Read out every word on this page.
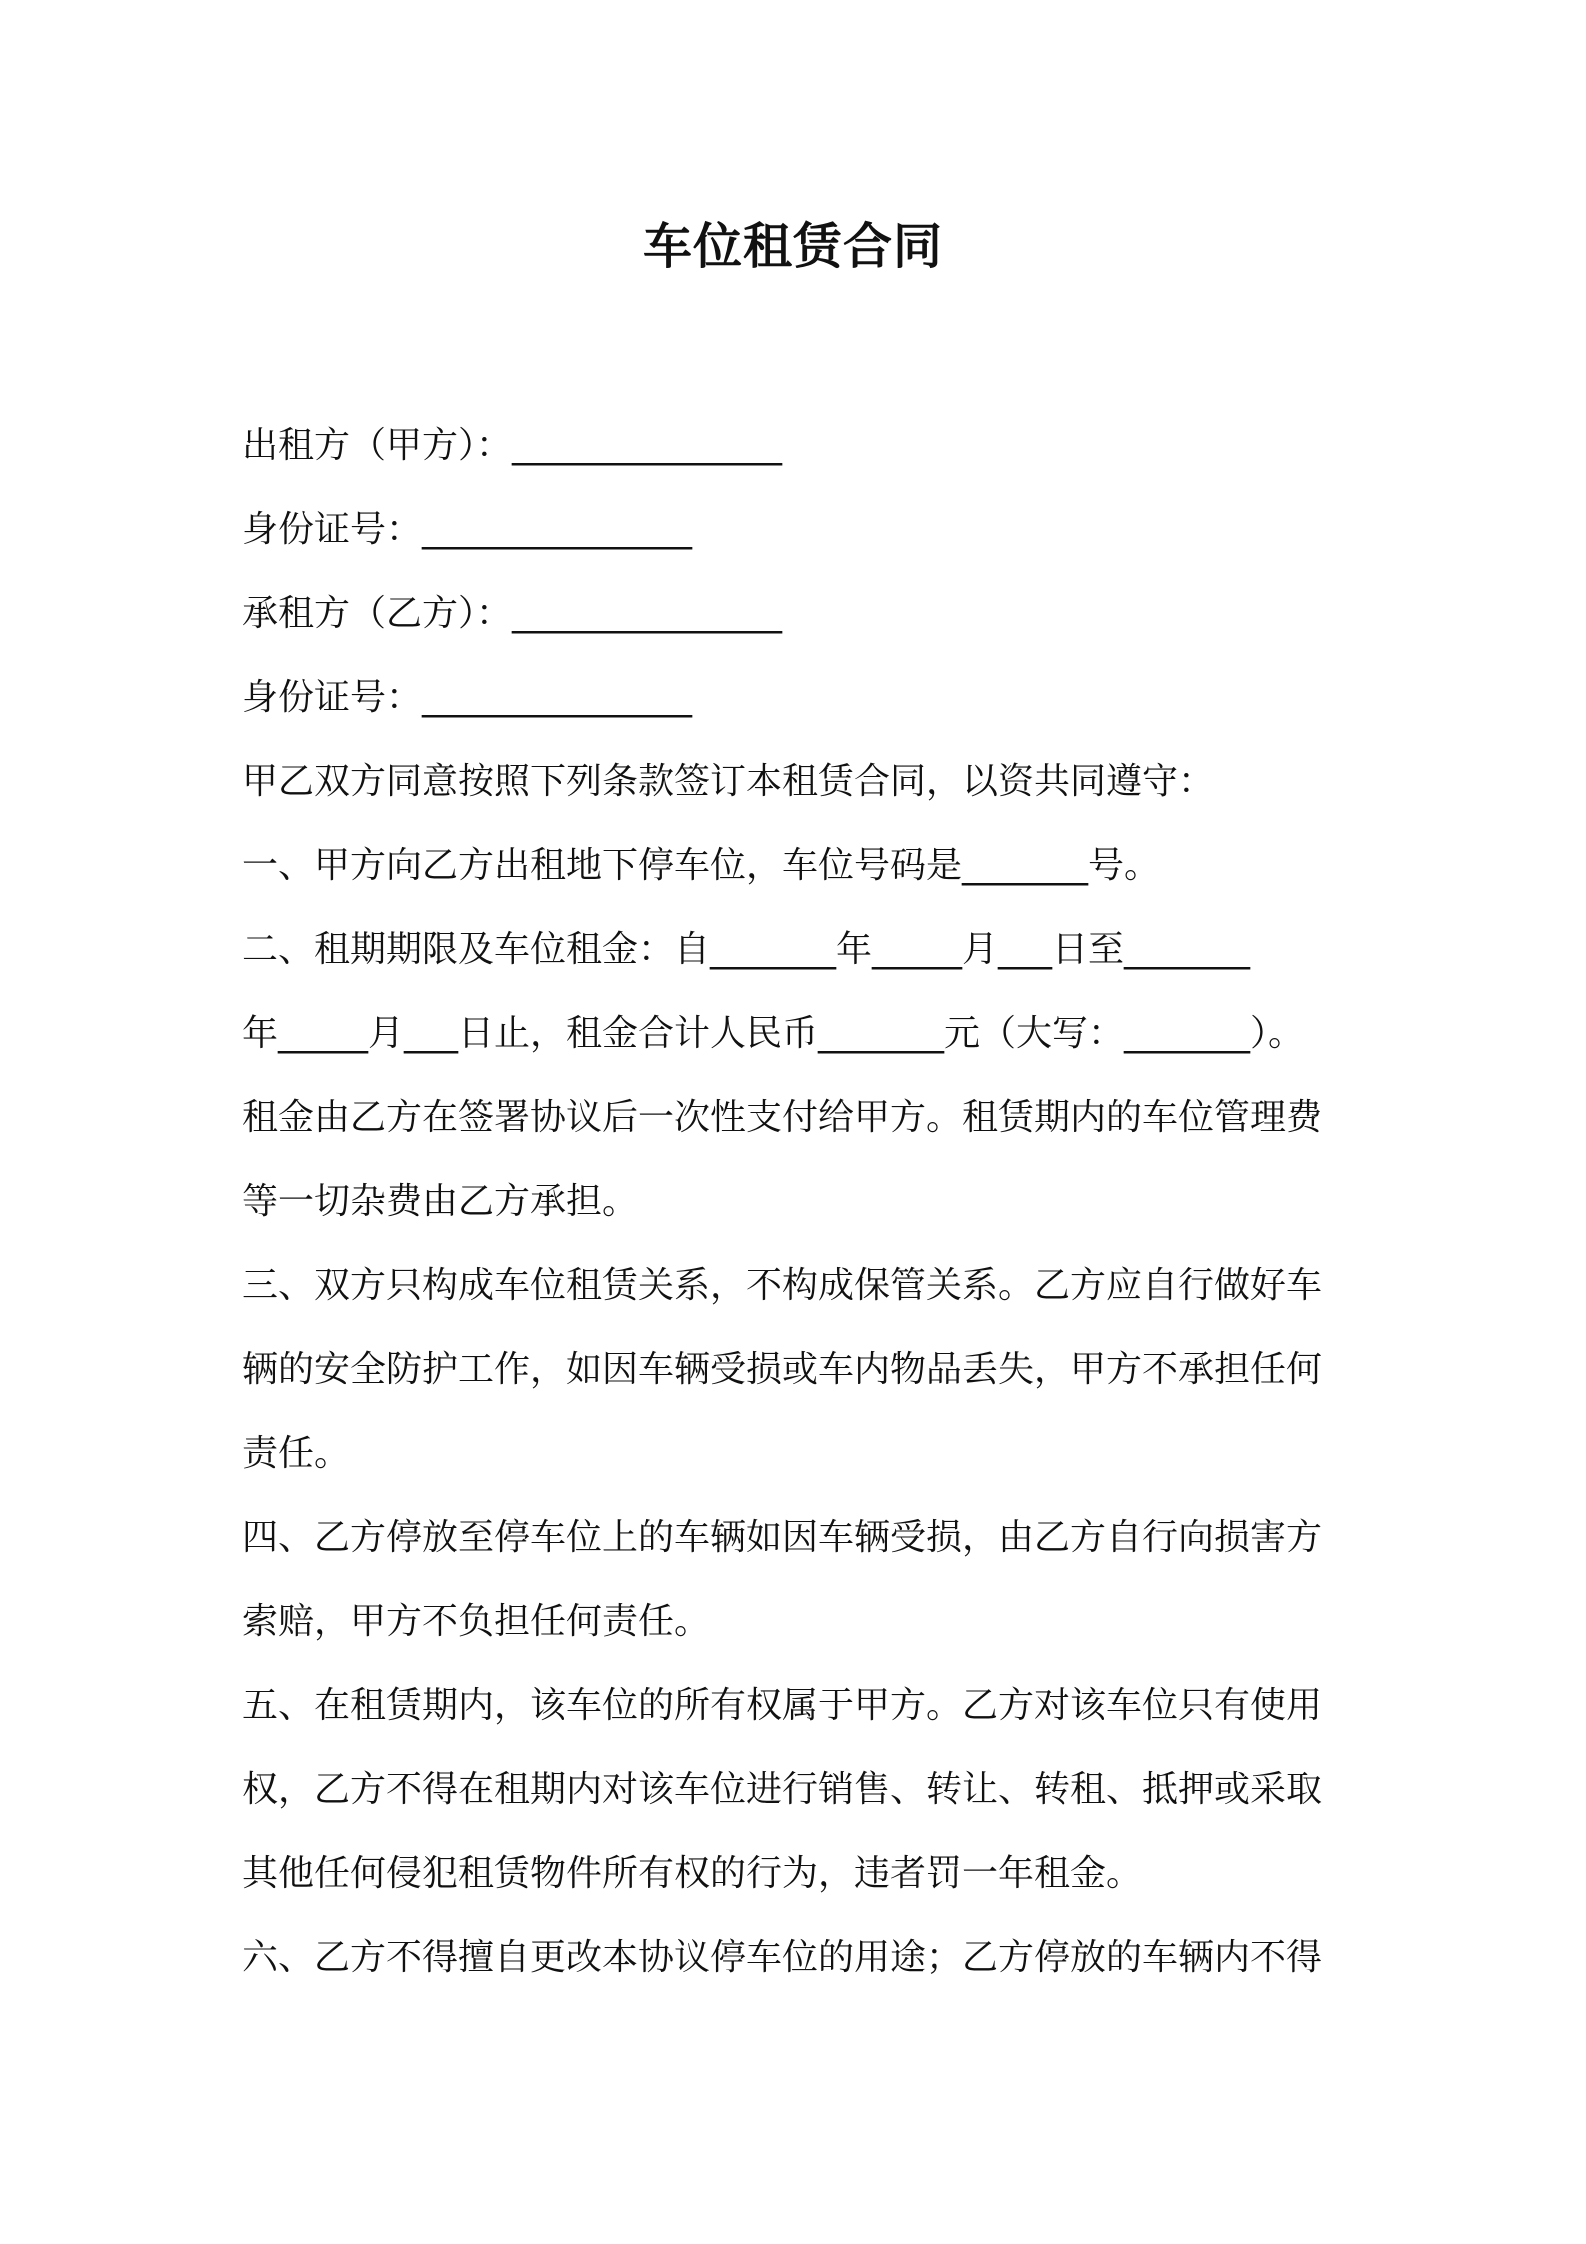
车位租赁合同
出租方（甲方）：_______________
身份证号：_______________
承租方（乙方）：_______________
身份证号：_______________
甲乙双方同意按照下列条款签订本租赁合同，以资共同遵守：
一、甲方向乙方出租地下停车位，车位号码是_______号。
二、租期期限及车位租金：自_______年_____月___日至_______
年_____月___日止，租金合计人民币_______元（大写：_______）。
租金由乙方在签署协议后一次性支付给甲方。租赁期内的车位管理费
等一切杂费由乙方承担。
三、双方只构成车位租赁关系，不构成保管关系。乙方应自行做好车
辆的安全防护工作，如因车辆受损或车内物品丢失，甲方不承担任何
责任。
四、乙方停放至停车位上的车辆如因车辆受损，由乙方自行向损害方
索赔，甲方不负担任何责任。
五、在租赁期内，该车位的所有权属于甲方。乙方对该车位只有使用
权，乙方不得在租期内对该车位进行销售、转让、转租、抵押或采取
其他任何侵犯租赁物件所有权的行为，违者罚一年租金。
六、乙方不得擅自更改本协议停车位的用途；乙方停放的车辆内不得
